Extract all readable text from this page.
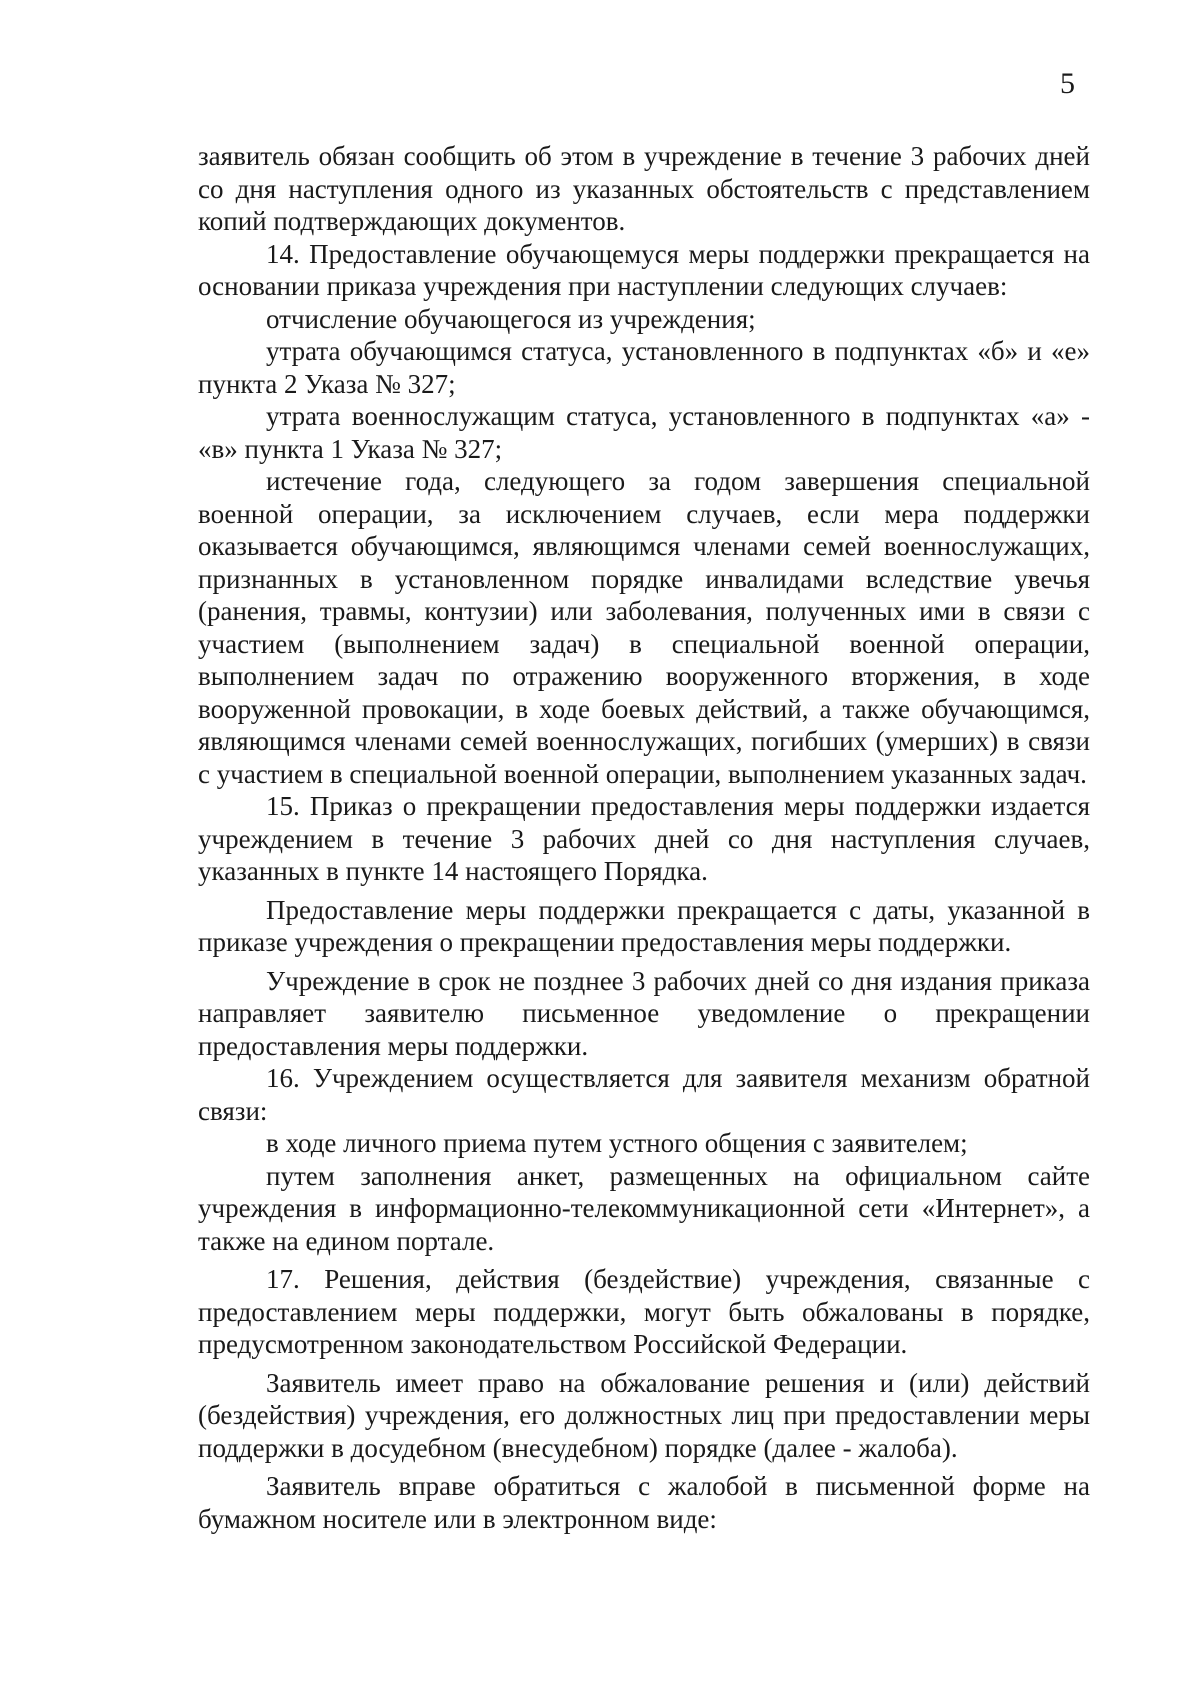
5

заявитель обязан сообщить об этом в учреждение в течение 3 рабочих дней со дня наступления одного из указанных обстоятельств с представлением копий подтверждающих документов.

14. Предоставление обучающемуся меры поддержки прекращается на основании приказа учреждения при наступлении следующих случаев:

отчисление обучающегося из учреждения;

утрата обучающимся статуса, установленного в подпунктах «б» и «е» пункта 2 Указа № 327;

утрата военнослужащим статуса, установленного в подпунктах «а» - «в» пункта 1 Указа № 327;

истечение года, следующего за годом завершения специальной военной операции, за исключением случаев, если мера поддержки оказывается обучающимся, являющимся членами семей военнослужащих, признанных в установленном порядке инвалидами вследствие увечья (ранения, травмы, контузии) или заболевания, полученных ими в связи с участием (выполнением задач) в специальной военной операции, выполнением задач по отражению вооруженного вторжения, в ходе вооруженной провокации, в ходе боевых действий, а также обучающимся, являющимся членами семей военнослужащих, погибших (умерших) в связи с участием в специальной военной операции, выполнением указанных задач.

15. Приказ о прекращении предоставления меры поддержки издается учреждением в течение 3 рабочих дней со дня наступления случаев, указанных в пункте 14 настоящего Порядка.

Предоставление меры поддержки прекращается с даты, указанной в приказе учреждения о прекращении предоставления меры поддержки.

Учреждение в срок не позднее 3 рабочих дней со дня издания приказа направляет заявителю письменное уведомление о прекращении предоставления меры поддержки.

16. Учреждением осуществляется для заявителя механизм обратной связи:

в ходе личного приема путем устного общения с заявителем;

путем заполнения анкет, размещенных на официальном сайте учреждения в информационно-телекоммуникационной сети «Интернет», а также на едином портале.

17. Решения, действия (бездействие) учреждения, связанные с предоставлением меры поддержки, могут быть обжалованы в порядке, предусмотренном законодательством Российской Федерации.

Заявитель имеет право на обжалование решения и (или) действий (бездействия) учреждения, его должностных лиц при предоставлении меры поддержки в досудебном (внесудебном) порядке (далее - жалоба).

Заявитель вправе обратиться с жалобой в письменной форме на бумажном носителе или в электронном виде:
